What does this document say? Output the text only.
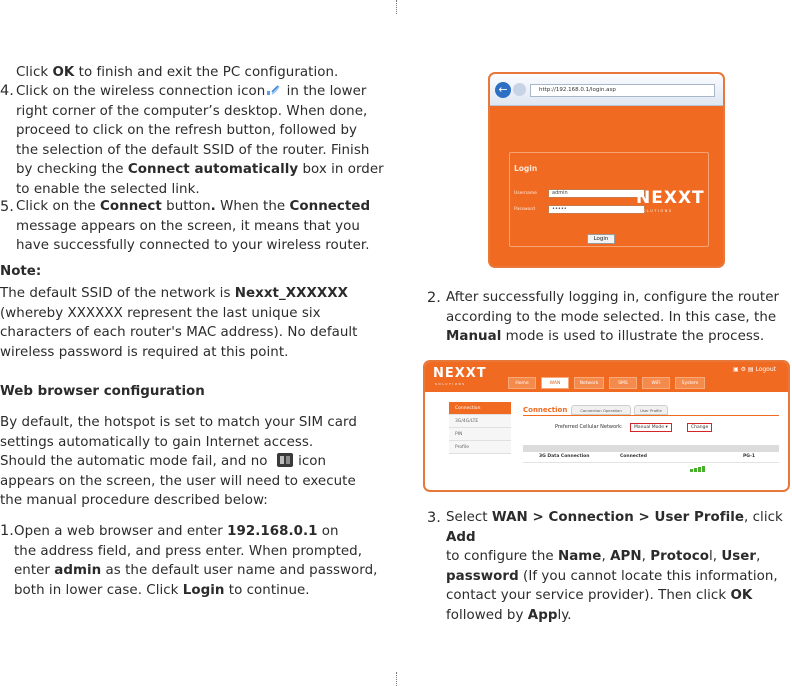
Click OK to finish and exit the PC configuration.
4. Click on the wireless connection icon in the lower
right corner of the computer’s desktop. When done,
proceed to click on the refresh button, followed by
the selection of the default SSID of the router. Finish
by checking the Connect automatically box in order
to enable the selected link.
5. Click on the Connect button. When the Connected
message appears on the screen, it means that you
have successfully connected to your wireless router.
Note:
The default SSID of the network is Nexxt_XXXXXX
(whereby XXXXXX represent the last unique six
characters of each router's MAC address). No default
wireless password is required at this point.
Web browser configuration
By default, the hotspot is set to match your SIM card
settings automatically to gain Internet access.
Should the automatic mode fail, and no  icon
appears on the screen, the user will need to execute
the manual procedure described below:
1. Open a web browser and enter 192.168.0.1 on
the address field, and press enter. When prompted,
enter admin as the default user name and password,
both in lower case. Click Login to continue.
←	http://192.168.0.1/login.asp
Login
Username	admin
Password	•••••
Login
NEXXT
SOLUTIONS
2. After successfully logging in, configure the router
according to the mode selected. In this case, the
Manual mode is used to illustrate the process.
NEXXT
SOLUTIONS
▣ ⚙ ▤ Logout
Home	WAN	Network	SMS	WiFi	System
Connection
3G/4G/LTE
PIN
Profile
Connection	Connection Operation	User Profile
Preferred Cellular Network:	Manual Mode ▾	Change
3G Data Connection	Connected	PG-1
3. Select WAN > Connection > User Profile, click Add
to configure the Name, APN, Protocol, User,
password (If you cannot locate this information,
contact your service provider). Then click OK
followed by Apply.
